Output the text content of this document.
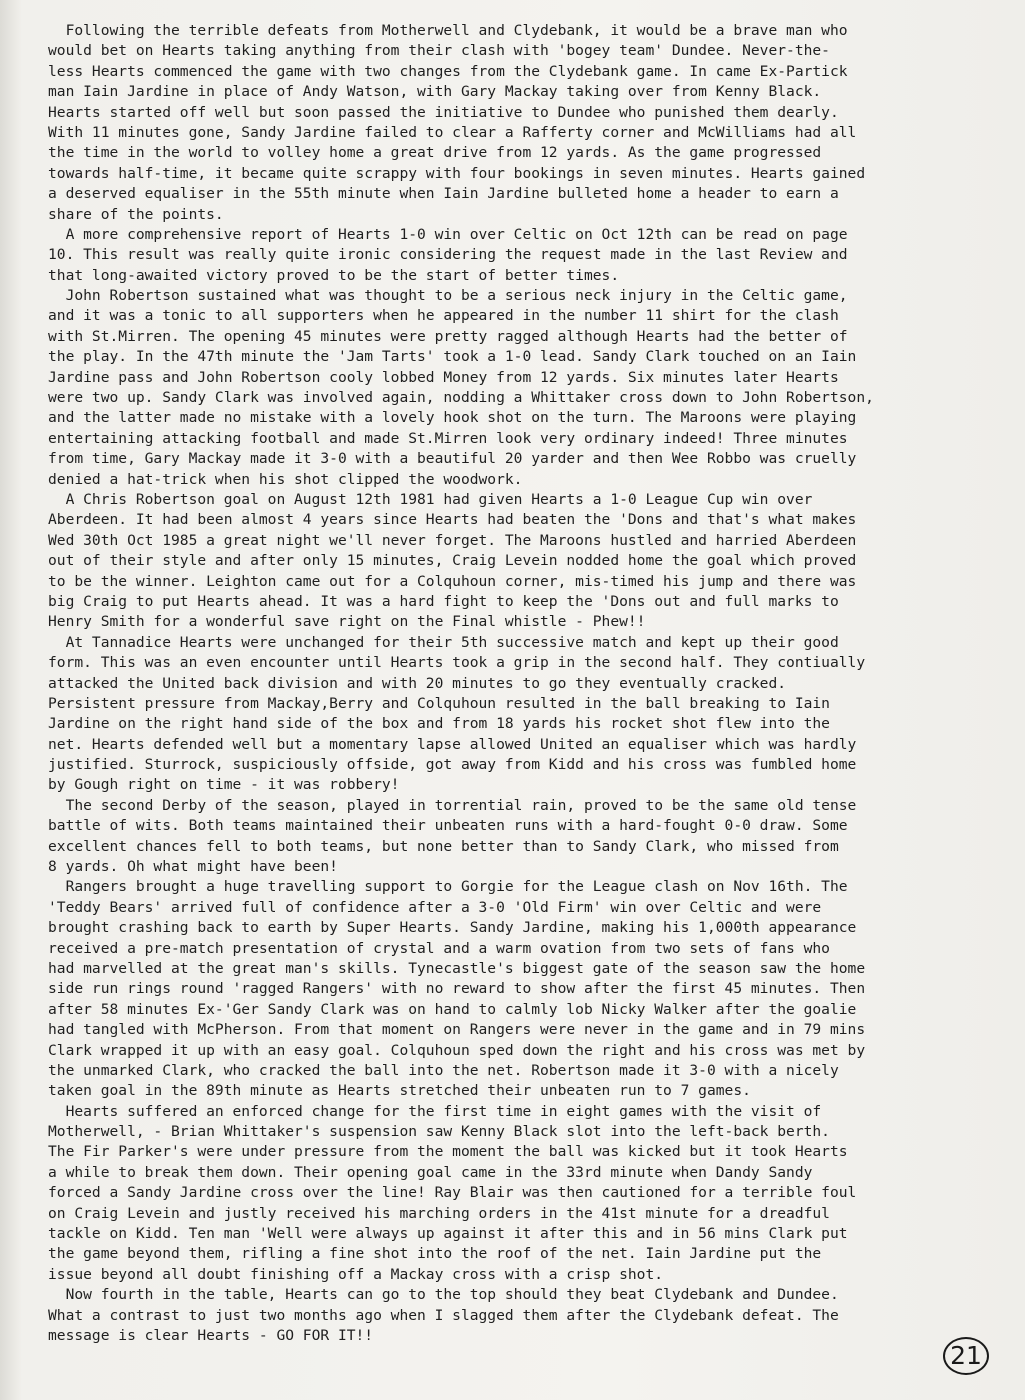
Following the terrible defeats from Motherwell and Clydebank, it would be a brave man who
would bet on Hearts taking anything from their clash with 'bogey team' Dundee. Never-the-
less Hearts commenced the game with two changes from the Clydebank game. In came Ex-Partick
man Iain Jardine in place of Andy Watson, with Gary Mackay taking over from Kenny Black.
Hearts started off well but soon passed the initiative to Dundee who punished them dearly.
With 11 minutes gone, Sandy Jardine failed to clear a Rafferty corner and McWilliams had all
the time in the world to volley home a great drive from 12 yards. As the game progressed
towards half-time, it became quite scrappy with four bookings in seven minutes. Hearts gained
a deserved equaliser in the 55th minute when Iain Jardine bulleted home a header to earn a
share of the points.
A more comprehensive report of Hearts 1-0 win over Celtic on Oct 12th can be read on page
10. This result was really quite ironic considering the request made in the last Review and
that long-awaited victory proved to be the start of better times.
John Robertson sustained what was thought to be a serious neck injury in the Celtic game,
and it was a tonic to all supporters when he appeared in the number 11 shirt for the clash
with St.Mirren. The opening 45 minutes were pretty ragged although Hearts had the better of
the play. In the 47th minute the 'Jam Tarts' took a 1-0 lead. Sandy Clark touched on an Iain
Jardine pass and John Robertson cooly lobbed Money from 12 yards. Six minutes later Hearts
were two up. Sandy Clark was involved again, nodding a Whittaker cross down to John Robertson,
and the latter made no mistake with a lovely hook shot on the turn. The Maroons were playing
entertaining attacking football and made St.Mirren look very ordinary indeed! Three minutes
from time, Gary Mackay made it 3-0 with a beautiful 20 yarder and then Wee Robbo was cruelly
denied a hat-trick when his shot clipped the woodwork.
A Chris Robertson goal on August 12th 1981 had given Hearts a 1-0 League Cup win over
Aberdeen. It had been almost 4 years since Hearts had beaten the 'Dons and that's what makes
Wed 30th Oct 1985 a great night we'll never forget. The Maroons hustled and harried Aberdeen
out of their style and after only 15 minutes, Craig Levein nodded home the goal which proved
to be the winner. Leighton came out for a Colquhoun corner, mis-timed his jump and there was
big Craig to put Hearts ahead. It was a hard fight to keep the 'Dons out and full marks to
Henry Smith for a wonderful save right on the Final whistle - Phew!!
At Tannadice Hearts were unchanged for their 5th successive match and kept up their good
form. This was an even encounter until Hearts took a grip in the second half. They contiually
attacked the United back division and with 20 minutes to go they eventually cracked.
Persistent pressure from Mackay,Berry and Colquhoun resulted in the ball breaking to Iain
Jardine on the right hand side of the box and from 18 yards his rocket shot flew into the
net. Hearts defended well but a momentary lapse allowed United an equaliser which was hardly
justified. Sturrock, suspiciously offside, got away from Kidd and his cross was fumbled home
by Gough right on time - it was robbery!
The second Derby of the season, played in torrential rain, proved to be the same old tense
battle of wits. Both teams maintained their unbeaten runs with a hard-fought 0-0 draw. Some
excellent chances fell to both teams, but none better than to Sandy Clark, who missed from
8 yards. Oh what might have been!
Rangers brought a huge travelling support to Gorgie for the League clash on Nov 16th. The
'Teddy Bears' arrived full of confidence after a 3-0 'Old Firm' win over Celtic and were
brought crashing back to earth by Super Hearts. Sandy Jardine, making his 1,000th appearance
received a pre-match presentation of crystal and a warm ovation from two sets of fans who
had marvelled at the great man's skills. Tynecastle's biggest gate of the season saw the home
side run rings round 'ragged Rangers' with no reward to show after the first 45 minutes. Then
after 58 minutes Ex-'Ger Sandy Clark was on hand to calmly lob Nicky Walker after the goalie
had tangled with McPherson. From that moment on Rangers were never in the game and in 79 mins
Clark wrapped it up with an easy goal. Colquhoun sped down the right and his cross was met by
the unmarked Clark, who cracked the ball into the net. Robertson made it 3-0 with a nicely
taken goal in the 89th minute as Hearts stretched their unbeaten run to 7 games.
Hearts suffered an enforced change for the first time in eight games with the visit of
Motherwell, - Brian Whittaker's suspension saw Kenny Black slot into the left-back berth.
The Fir Parker's were under pressure from the moment the ball was kicked but it took Hearts
a while to break them down. Their opening goal came in the 33rd minute when Dandy Sandy
forced a Sandy Jardine cross over the line! Ray Blair was then cautioned for a terrible foul
on Craig Levein and justly received his marching orders in the 41st minute for a dreadful
tackle on Kidd. Ten man 'Well were always up against it after this and in 56 mins Clark put
the game beyond them, rifling a fine shot into the roof of the net. Iain Jardine put the
issue beyond all doubt finishing off a Mackay cross with a crisp shot.
Now fourth in the table, Hearts can go to the top should they beat Clydebank and Dundee.
What a contrast to just two months ago when I slagged them after the Clydebank defeat. The
message is clear Hearts - GO FOR IT!!
21
